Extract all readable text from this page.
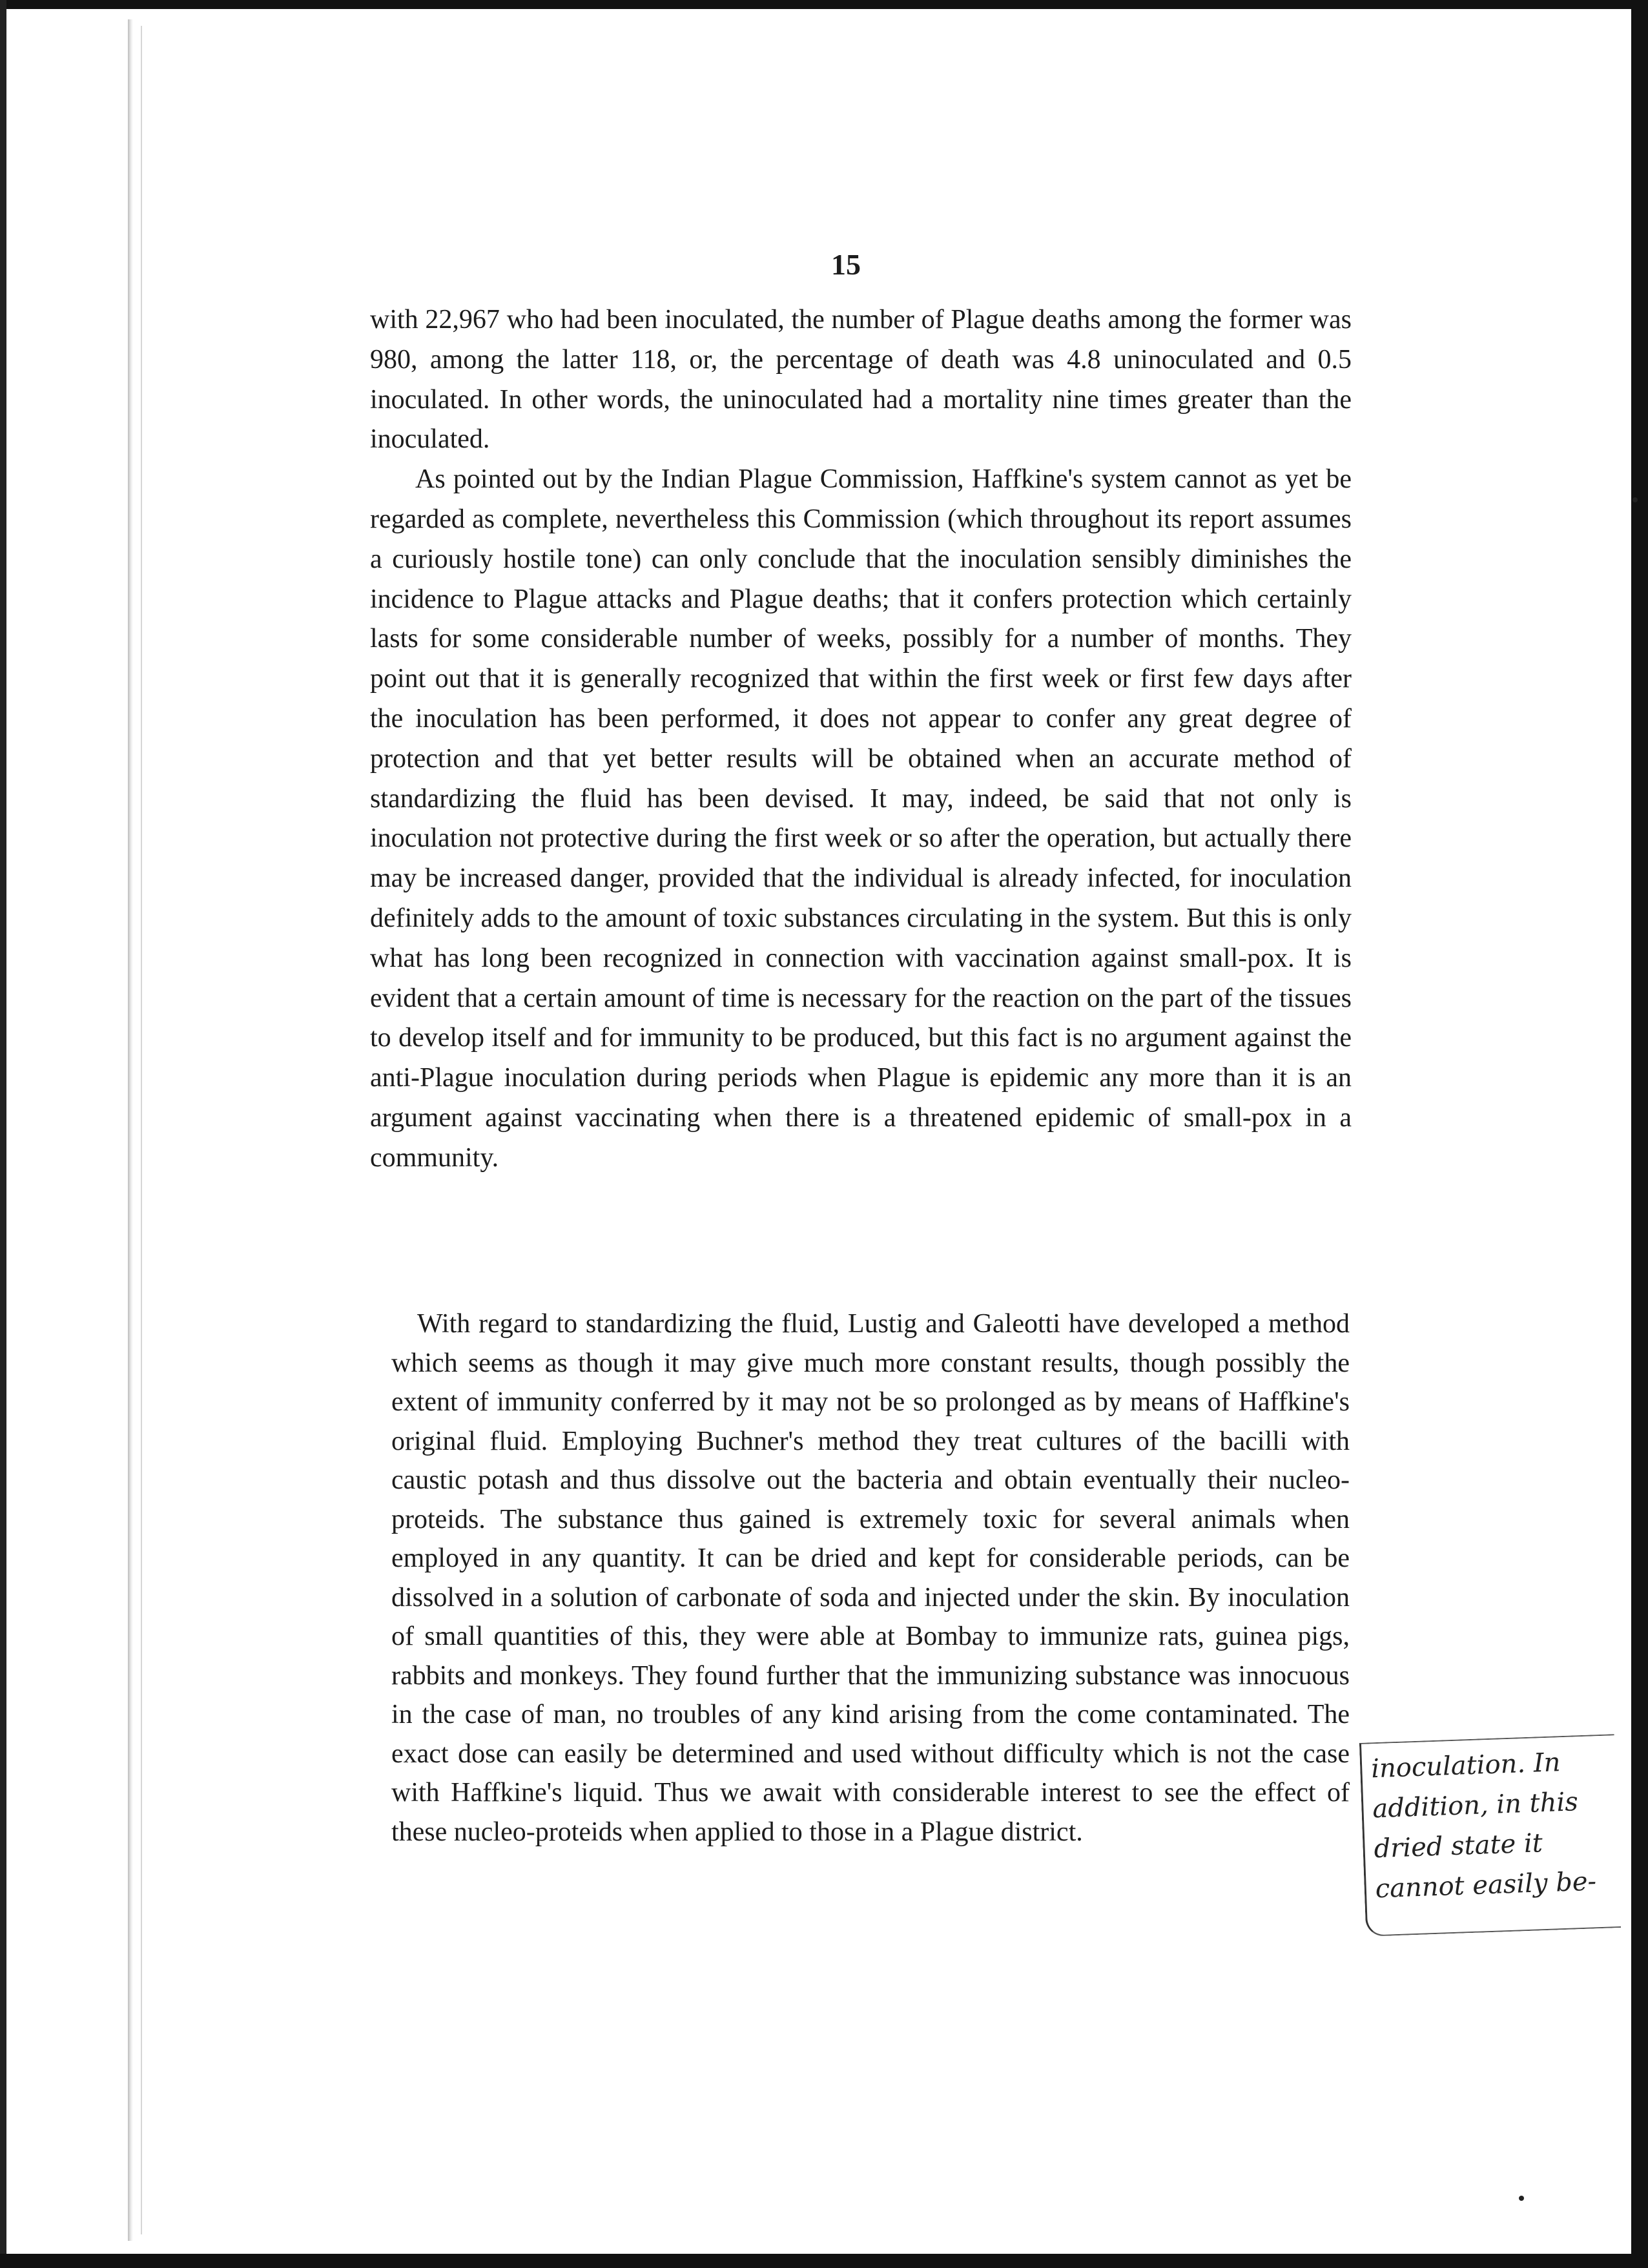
15

with 22,967 who had been inoculated, the number of Plague deaths among the former was 980, among the latter 118, or, the percentage of death was 4.8 uninoculated and 0.5 inoculated. In other words, the uninoculated had a mortality nine times greater than the inoculated.

As pointed out by the Indian Plague Commission, Haffkine's system cannot as yet be regarded as complete, nevertheless this Commission (which throughout its report assumes a curiously hostile tone) can only conclude that the inoculation sensibly diminishes the incidence to Plague attacks and Plague deaths; that it confers protection which certainly lasts for some considerable number of weeks, possibly for a number of months. They point out that it is generally recognized that within the first week or first few days after the inoculation has been performed, it does not appear to confer any great degree of protection and that yet better results will be obtained when an accurate method of standardizing the fluid has been devised. It may, indeed, be said that not only is inoculation not protective during the first week or so after the operation, but actually there may be increased danger, provided that the individual is already infected, for inoculation definitely adds to the amount of toxic substances circulating in the system. But this is only what has long been recognized in connection with vaccination against small-pox. It is evident that a certain amount of time is necessary for the reaction on the part of the tissues to develop itself and for immunity to be produced, but this fact is no argument against the anti-Plague inoculation during periods when Plague is epidemic any more than it is an argument against vaccinating when there is a threatened epidemic of small-pox in a community.

With regard to standardizing the fluid, Lustig and Galeotti have developed a method which seems as though it may give much more constant results, though possibly the extent of immunity conferred by it may not be so prolonged as by means of Haffkine's original fluid. Employing Buchner's method they treat cultures of the bacilli with caustic potash and thus dissolve out the bacteria and obtain eventually their nucleo-proteids. The substance thus gained is extremely toxic for several animals when employed in any quantity. It can be dried and kept for considerable periods, can be dissolved in a solution of carbonate of soda and injected under the skin. By inoculation of small quantities of this, they were able at Bombay to immunize rats, guinea pigs, rabbits and monkeys. They found further that the immunizing substance was innocuous in the case of man, no troubles of any kind arising from the come contaminated. The exact dose can easily be determined and used without difficulty which is not the case with Haffkine's liquid. Thus we await with considerable interest to see the effect of these nucleo-proteids when applied to those in a Plague district.

inoculation. In addition, in this dried state it cannot easily be-
